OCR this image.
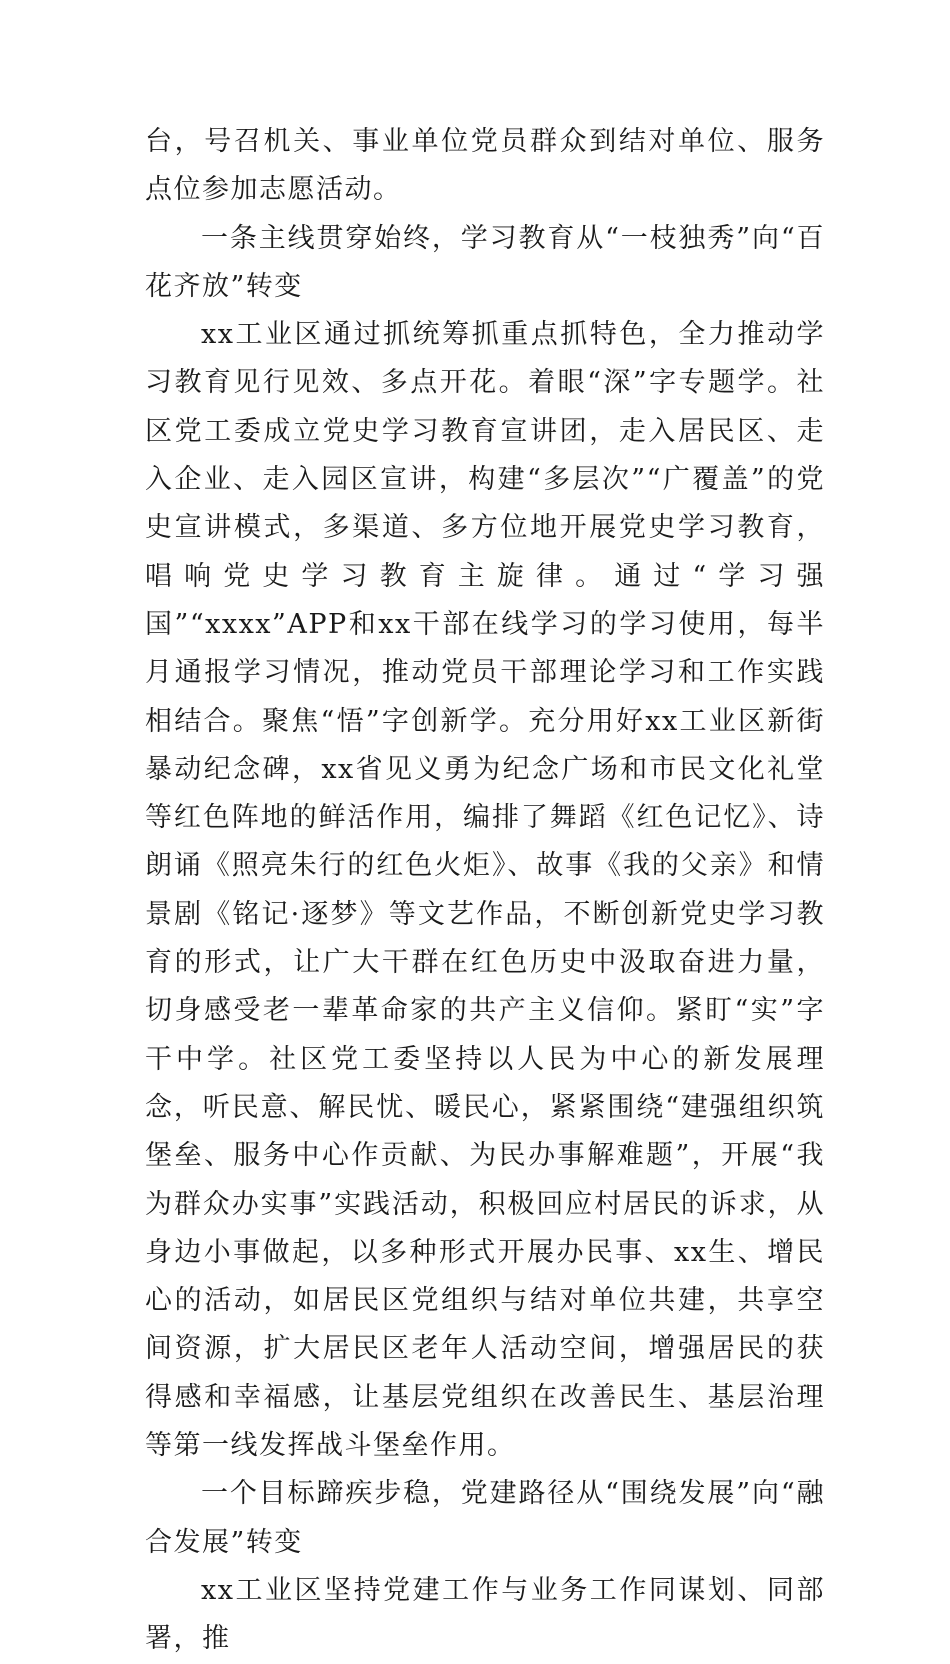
台，号召机关、事业单位党员群众到结对单位、服务点位参加志愿活动。

一条主线贯穿始终，学习教育从“一枝独秀”向“百花齐放”转变

xx工业区通过抓统筹抓重点抓特色，全力推动学习教育见行见效、多点开花。着眼“深”字专题学。社区党工委成立党史学习教育宣讲团，走入居民区、走入企业、走入园区宣讲，构建“多层次”“广覆盖”的党史宣讲模式，多渠道、多方位地开展党史学习教育，唱响党史学习教育主旋律。通过“学习强国”“xxxx”APP和xx干部在线学习的学习使用，每半月通报学习情况，推动党员干部理论学习和工作实践相结合。聚焦“悟”字创新学。充分用好xx工业区新街暴动纪念碑，xx省见义勇为纪念广场和市民文化礼堂等红色阵地的鲜活作用，编排了舞蹈《红色记忆》、诗朗诵《照亮朱行的红色火炬》、故事《我的父亲》和情景剧《铭记·逐梦》等文艺作品，不断创新党史学习教育的形式，让广大干群在红色历史中汲取奋进力量，切身感受老一辈革命家的共产主义信仰。紧盯“实”字干中学。社区党工委坚持以人民为中心的新发展理念，听民意、解民忧、暖民心，紧紧围绕“建强组织筑堡垒、服务中心作贡献、为民办事解难题”，开展“我为群众办实事”实践活动，积极回应村居民的诉求，从身边小事做起，以多种形式开展办民事、xx生、增民心的活动，如居民区党组织与结对单位共建，共享空间资源，扩大居民区老年人活动空间，增强居民的获得感和幸福感，让基层党组织在改善民生、基层治理等第一线发挥战斗堡垒作用。

一个目标蹄疾步稳，党建路径从“围绕发展”向“融合发展”转变

xx工业区坚持党建工作与业务工作同谋划、同部署，推
